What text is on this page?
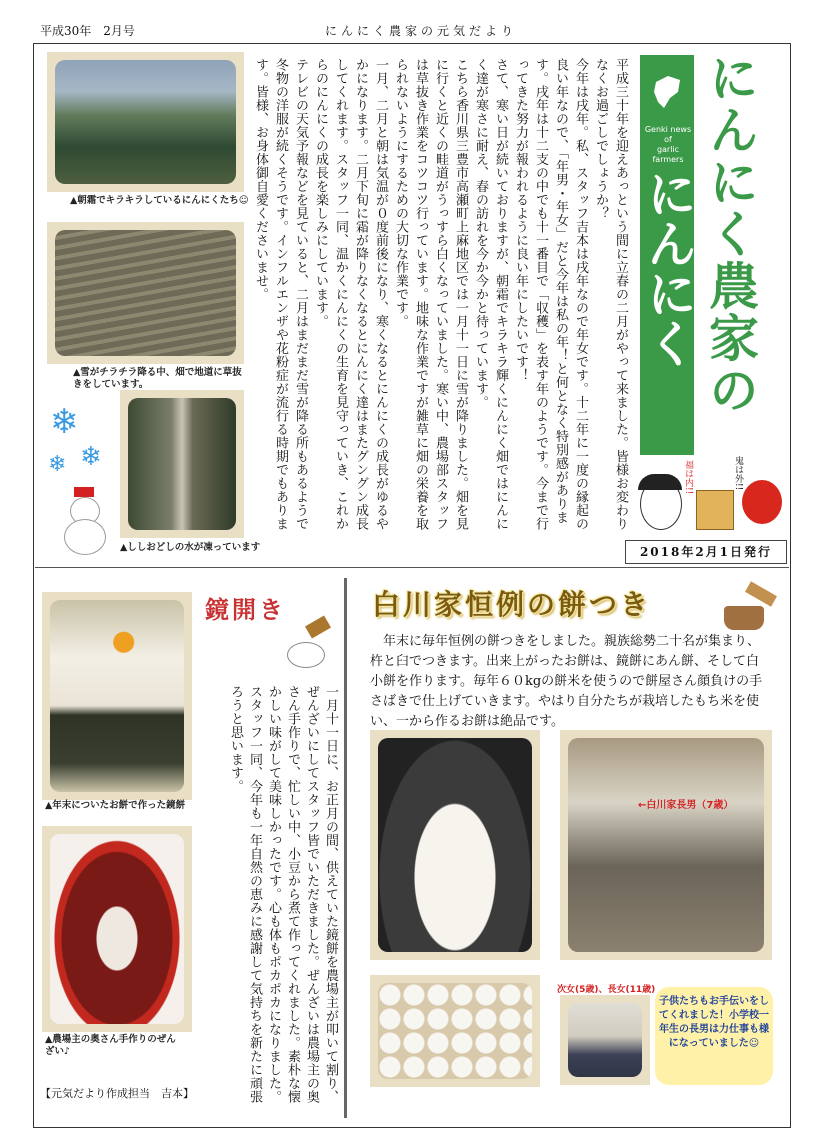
平成30年　2月号	にんにく農家の元気だより
▲朝霜でキラキラしているにんにくたち☺
▲雪がチラチラ降る中、畑で地道に草抜きをしています。
❄
❄
❄
▲ししおどしの水が凍っています
平成三十年を迎えあっという間に立春の二月がやって来ました。皆様お変わりなくお過ごしでしょうか？
今年は戌年。私、スタッフ吉本は戌年なので年女です。十二年に一度の縁起の良い年なので、「年男・年女」だと今年は私の年！と何となく特別感があります。戌年は十二支の中でも十一番目で「収穫」を表す年のようです。今まで行ってきた努力が報われるように良い年にしたいです！
さて、寒い日が続いておりますが、朝霜でキラキラ輝くにんにく畑ではにんにく達が寒さに耐え、春の訪れを今か今かと待っています。
こちら香川県三豊市高瀬町上麻地区では一月十一日に雪が降りました。畑を見に行くと近くの畦道がうっすら白くなっていました。寒い中、農場部スタッフは草抜き作業をコツコツ行っています。地味な作業ですが雑草に畑の栄養を取られないようにするための大切な作業です。
一月、二月と朝は気温が０度前後になり、寒くなるとにんにくの成長がゆるやかになります。二月下旬に霜が降りなくなるとにんにく達はまたグングン成長してくれます。スタッフ一同、温かくにんにくの生育を見守っていき、これからのにんにくの成長を楽しみにしています。
テレビの天気予報などを見ていると、二月はまだまだ雪が降る所もあるようで冬物の洋服が続くそうです。インフルエンザや花粉症が流行る時期でもあります。皆様、お身体御自愛くださいませ。	Genki news
of
garlic farmers
にんにく にんにく農家の
福は内!!	鬼は外!!
2018年2月1日発行
▲年末についたお餅で作った鏡餅
鏡開き
一月十一日に、お正月の間、供えていた鏡餅を農場主が叩いて割り、ぜんざいにしてスタッフ皆でいただきました。ぜんざいは農場主の奥さん手作りで、忙しい中、小豆から煮て作ってくれました。素朴な懐かしい味がして美味しかったです。心も体もポカポカになりました。
スタッフ一同、今年も一年自然の恵みに感謝して気持ちを新たに頑張ろうと思います。
▲農場主の奥さん手作りのぜんざい♪
【元気だより作成担当　吉本】
白川家恒例の餅つき
年末に毎年恒例の餅つきをしました。親族総勢二十名が集まり、杵と臼でつきます。出来上がったお餅は、鏡餅にあん餅、そして白小餅を作ります。毎年６０kgの餅米を使うので餅屋さん顔負けの手さばきで仕上げていきます。やはり自分たちが栽培したもち米を使い、一から作るお餅は絶品です。
←白川家長男（7歳）
次女(5歳)、長女(11歳)
子供たちもお手伝いをしてくれました！小学校一年生の長男は力仕事も様になっていました☺
